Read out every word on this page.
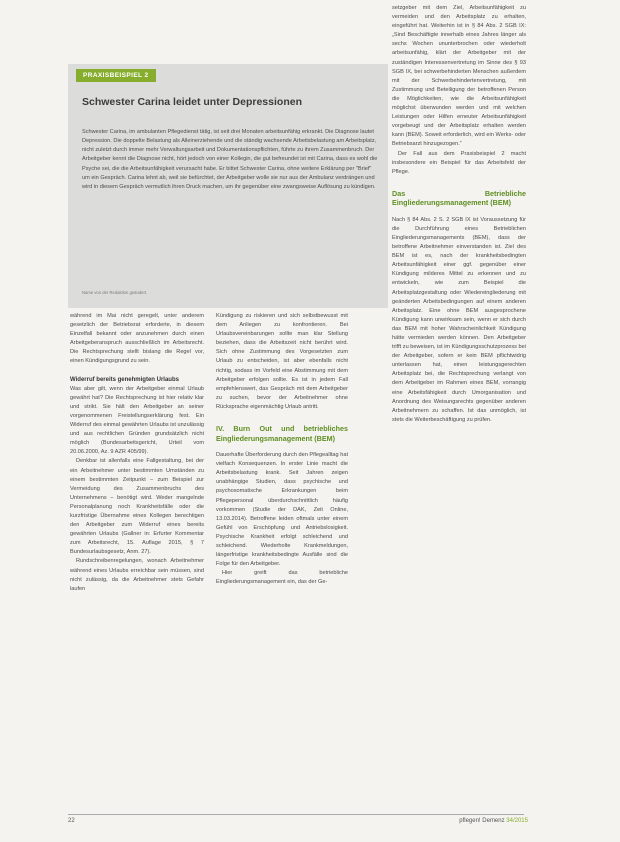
PRAXISBEISPIEL 2
Schwester Carina leidet unter Depressionen
Schwester Carina, im ambulanten Pflegedienst tätig, ist seit drei Monaten arbeitsunfähig erkrankt. Die Diagnose lautet Depression. Die doppelte Belastung als Alleinerziehende und die ständig wachsende Arbeitsbelastung am Arbeitsplatz, nicht zuletzt durch immer mehr Verwaltungsarbeit und Dokumentationspflichten, führte zu ihrem Zusammenbruch. Der Arbeitgeber kennt die Diagnose nicht, hört jedoch von einer Kollegin, die gut befreundet ist mit Carina, dass es wohl die Psyche sei, die die Arbeitsunfähigkeit verursacht habe. Er bittet Schwester Carina, ohne weitere Erklärung per "Brief" um ein Gespräch. Carina lehnt ab, weil sie befürchtet, der Arbeitgeber wolle sie nur aus der Ambulanz verdrängen und wird in diesem Gespräch vermutlich ihren Druck machen, um ihr gegenüber eine zwangsweise Auflösung zu kündigen.
Name von der Redaktion geändert.

während im Mai nicht geregelt, unter anderem gesetzlich der Betriebsrat erforderte, in diesem Einzelfall bekannt oder anzunehmen durch einen Arbeitgeberanspruch ausschließlich im Arbeitsrecht. Die Rechtsprechung stellt bislang die Regel vor, einen Kündigungsgrund zu sein.

Widerruf bereits genehmigten Urlaubs

Was aber gilt, wenn der Arbeitgeber einmal Urlaub gewährt hat? Die Rechtsprechung ist hier relativ klar und strikt. Sie hält den Arbeitgeber an seiner vorgenommenen Freistellungserklärung fest. Ein Widerruf des einmal gewährten Urlaubs ist unzulässig und aus rechtlichen Gründen grundsätzlich nicht möglich (Bundesarbeitsgericht, Urteil vom 20.06.2000, Az. 9 AZR 405/99).

Denkbar ist allenfalls eine Fallgestaltung, bei der ein Arbeitnehmer unter bestimmten Umständen zu einem bestimmten Zeitpunkt – zum Beispiel zur Vermeidung des Zusammenbruchs des Unternehmens – benötigt wird. Weder mangelnde Personalplanung noch Krankheitsfälle oder die kurzfristige Übernahme eines Kollegen berechtigen den Arbeitgeber zum Widerruf eines bereits gewährten Urlaubs (Gallner in: Erfurter Kommentar zum Arbeitsrecht, 15. Auflage 2015, § 7 Bundesurlaubsgesetz, Anm. 27).

Rundschreibenregelungen, wonach Arbeitnehmer während eines Urlaubs erreichbar sein müssen, sind nicht zulässig, da die Arbeitnehmer stets Gefahr laufen

Kündigung zu riskieren und sich selbstbewusst mit dem Anliegen zu konfrontieren. Bei Urlaubsvereinbarungen sollte man klar Stellung beziehen, dass die Arbeitszeit nicht berührt wird. Sich ohne Zustimmung des Vorgesetzten zum Urlaub zu entscheiden, ist aber ebenfalls nicht richtig, sodass im Vorfeld eine Abstimmung mit dem Arbeitgeber erfolgen sollte. Es ist in jedem Fall empfehlenswert, das Gespräch mit dem Arbeitgeber zu suchen, bevor der Arbeitnehmer ohne Rücksprache eigenmächtig Urlaub antritt.

IV. Burn Out und betriebliches Eingliederungsmanagement (BEM)

Dauerhafte Überforderung durch den Pflegealltag hat vielfach Konsequenzen. In erster Linie macht die Arbeitsbelastung krank. Seit Jahren zeigen unabhängige Studien, dass psychische und psychosomatische Erkrankungen beim Pflegepersonal überdurchschnittlich häufig vorkommen (Studie der DAK, Zeit Online, 13.03.2014). Betroffene leiden oftmals unter einem Gefühl von Erschöpfung und Antriebslosigkeit. Psychische Krankheit erfolgt schleichend und schleichend. Wiederholte Krankmeldungen, längerfristige krankheitsbedingte Ausfälle sind die Folge für den Arbeitgeber.

Hier greift das betriebliche Eingliederungsmanagement ein, das der Ge-

setzgeber mit dem Ziel, Arbeitsunfähigkeit zu vermeiden und den Arbeitsplatz zu erhalten, eingeführt hat. Weiterhin ist in § 84 Abs. 2 SGB IX: „Sind Beschäftigte innerhalb eines Jahres länger als sechs Wochen ununterbrochen oder wiederholt arbeitsunfähig, klärt der Arbeitgeber mit der zuständigen Interessenvertretung im Sinne des § 93 SGB IX, bei schwerbehinderten Menschen außerdem mit der Schwerbehindertenvertretung, mit Zustimmung und Beteiligung der betroffenen Person die Möglichkeiten, wie die Arbeitsunfähigkeit möglichst überwunden werden und mit welchen Leistungen oder Hilfen erneuter Arbeitsunfähigkeit vorgebeugt und der Arbeitsplatz erhalten werden kann (BEM). Soweit erforderlich, wird ein Werks- oder Betriebsarzt hinzugezogen.“

Der Fall aus dem Praxisbeispiel 2 macht insbesondere ein Beispiel für das Arbeitsfeld der Pflege.

Das Betriebliche Eingliederungsmanagement (BEM)

Nach § 84 Abs. 2 S. 2 SGB IX ist Voraussetzung für die Durchführung eines Betrieblichen Eingliederungsmanagements (BEM), dass der betroffene Arbeitnehmer einverstanden ist. Ziel des BEM ist es, nach der krankheitsbedingten Arbeitsunfähigkeit einer ggf. gegenüber einer Kündigung milderes Mittel zu erkennen und zu entwickeln, wie zum Beispiel die Arbeitsplatzgestaltung oder Wiedereingliederung mit geänderten Arbeitsbedingungen auf einem anderen Arbeitsplatz. Eine ohne BEM ausgesprochene Kündigung kann unwirksam sein, wenn er sich durch das BEM mit hoher Wahrscheinlichkeit Kündigung hätte vermieden werden können. Den Arbeitgeber trifft zu beweisen, ist im Kündigungsschutzprozess bei der Arbeitgeber, sofern er kein BEM pflichtwidrig unterlassen hat, einen leistungsgerechten Arbeitsplatz bei, die Rechtsprechung verlangt von dem Arbeitgeber im Rahmen eines BEM, vorrangig eine Arbeitsfähigkeit durch Umorganisation und Anordnung des Weisungsrechts gegenüber anderen Arbeitnehmern zu schaffen. Ist das unmöglich, ist stets die Weiterbeschäftigung zu prüfen.

22	pflegen! Demenz 34/2015
